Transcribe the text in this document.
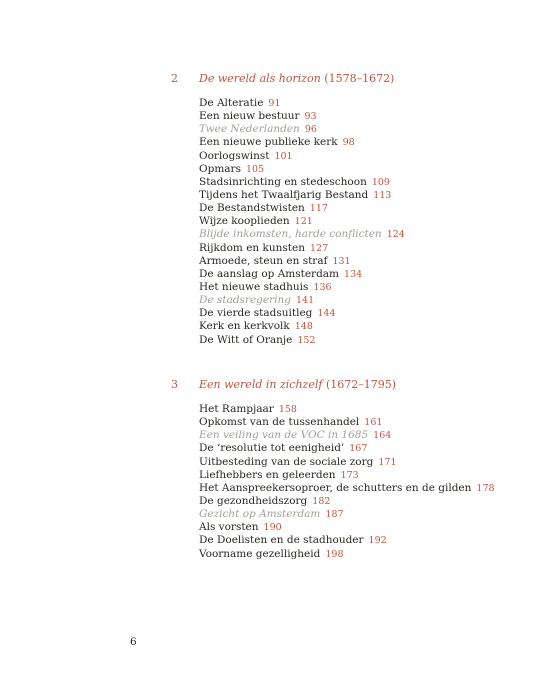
2 De wereld als horizon (1578–1672)
De Alteratie 91
Een nieuw bestuur 93
Twee Nederlanden 96
Een nieuwe publieke kerk 98
Oorlogswinst 101
Opmars 105
Stadsinrichting en stedeschoon 109
Tijdens het Twaalfjarig Bestand 113
De Bestandstwisten 117
Wijze kooplieden 121
Blijde inkomsten, harde conflicten 124
Rijkdom en kunsten 127
Armoede, steun en straf 131
De aanslag op Amsterdam 134
Het nieuwe stadhuis 136
De stadsregering 141
De vierde stadsuitleg 144
Kerk en kerkvolk 148
De Witt of Oranje 152
3 Een wereld in zichzelf (1672–1795)
Het Rampjaar 158
Opkomst van de tussenhandel 161
Een veiling van de VOC in 1685 164
De ‘resolutie tot eenigheid’ 167
Uitbesteding van de sociale zorg 171
Liefhebbers en geleerden 173
Het Aanspreekersoproer, de schutters en de gilden 178
De gezondheidszorg 182
Gezicht op Amsterdam 187
Als vorsten 190
De Doelisten en de stadhouder 192
Voorname gezelligheid 198
6
